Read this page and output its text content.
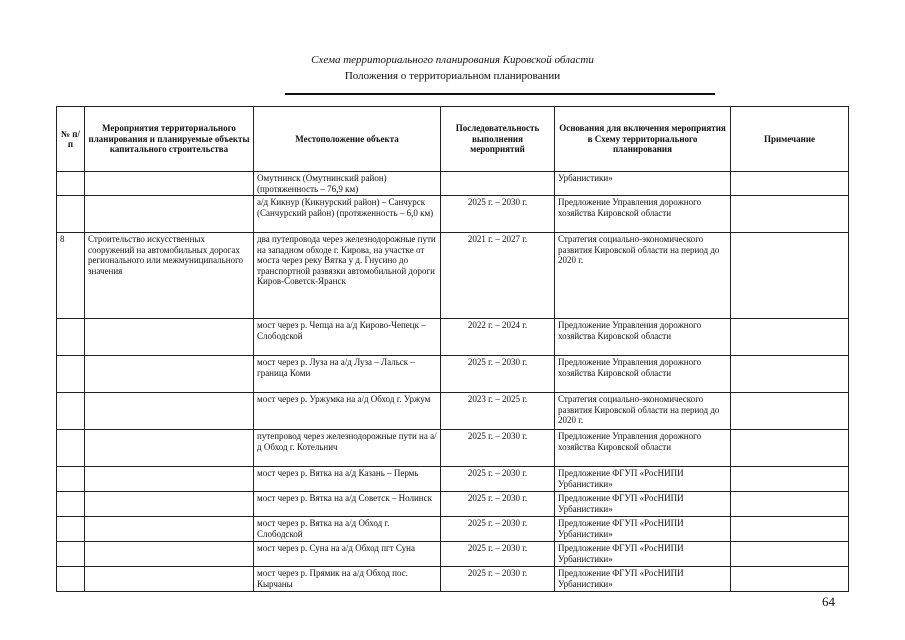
Схема территориального планирования Кировской области

Положения о территориальном планировании

№ п/п	Мероприятия территориального планирования и планируемые объекты капитального строительства	Местоположение объекта	Последовательность выполнения мероприятий	Основания для включения мероприятия в Схему территориального планирования	Примечание
		Омутнинск (Омутнинский район) (протяженность – 76,9 км)		Урбанистики»	
		а/д Кикнур (Кикнурский район) – Санчурск (Санчурский район) (протяженность – 6,0 км)	2025 г. – 2030 г.	Предложение Управления дорожного хозяйства Кировской области	
8	Строительство искусственных сооружений на автомобильных дорогах регионального или межмуниципального значения	два путепровода через железнодорожные пути на западном обходе г. Кирова, на участке от моста через реку Вятка у д. Гнусино до транспортной развязки автомобильной дороги Киров-Советск-Яранск	2021 г. – 2027 г.	Стратегия социально-экономического развития Кировской области на период до 2020 г.	
		мост через р. Чепца на а/д Кирово-Чепецк – Слободской	2022 г. – 2024 г.	Предложение Управления дорожного хозяйства Кировской области	
		мост через р. Луза на а/д Луза – Лальск – граница Коми	2025 г. – 2030 г.	Предложение Управления дорожного хозяйства Кировской области	
		мост через р. Уржумка на а/д Обход г. Уржум	2023 г. – 2025 г.	Стратегия социально-экономического развития Кировской области на период до 2020 г.	
		путепровод через железнодорожные пути на а/д Обход г. Котельнич	2025 г. – 2030 г.	Предложение Управления дорожного хозяйства Кировской области	
		мост через р. Вятка на а/д Казань – Пермь	2025 г. – 2030 г.	Предложение ФГУП «РосНИПИ Урбанистики»	
		мост через р. Вятка на а/д Советск – Нолинск	2025 г. – 2030 г.	Предложение ФГУП «РосНИПИ Урбанистики»	
		мост через р. Вятка на а/д Обход г. Слободской	2025 г. – 2030 г.	Предложение ФГУП «РосНИПИ Урбанистики»	
		мост через р. Суна на а/д Обход пгт Суна	2025 г. – 2030 г.	Предложение ФГУП «РосНИПИ Урбанистики»	
		мост через р. Прямик на а/д Обход пос. Кырчаны	2025 г. – 2030 г.	Предложение ФГУП «РосНИПИ Урбанистики»	
64
